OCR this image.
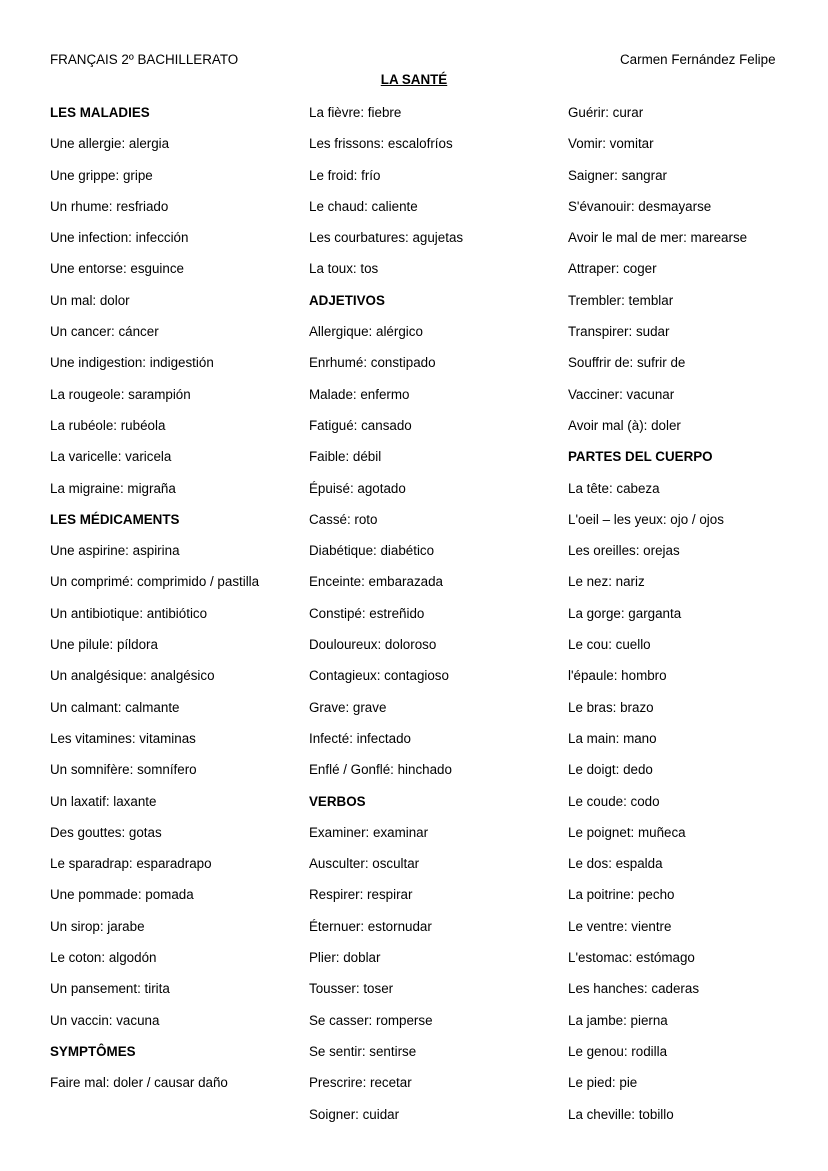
FRANÇAIS 2º BACHILLERATO	Carmen Fernández Felipe
LA SANTÉ
LES MALADIES
Une allergie: alergia
Une grippe: gripe
Un rhume: resfriado
Une infection: infección
Une entorse: esguince
Un mal: dolor
Un cancer: cáncer
Une indigestion: indigestión
La rougeole: sarampión
La rubéole: rubéola
La varicelle: varicela
La migraine: migraña
LES MÉDICAMENTS
Une aspirine: aspirina
Un comprimé: comprimido / pastilla
Un antibiotique: antibiótico
Une pilule: píldora
Un analgésique: analgésico
Un calmant: calmante
Les vitamines: vitaminas
Un somnifère: somnífero
Un laxatif: laxante
Des gouttes: gotas
Le sparadrap: esparadrapo
Une pommade: pomada
Un sirop: jarabe
Le coton: algodón
Un pansement: tirita
Un vaccin: vacuna
SYMPTÔMES
Faire mal: doler / causar daño
La fièvre: fiebre
Les frissons: escalofríos
Le froid: frío
Le chaud: caliente
Les courbatures: agujetas
La toux: tos
ADJETIVOS
Allergique: alérgico
Enrhumé: constipado
Malade: enfermo
Fatigué: cansado
Faible: débil
Épuisé: agotado
Cassé: roto
Diabétique: diabético
Enceinte: embarazada
Constipé: estreñido
Douloureux: doloroso
Contagieux: contagioso
Grave: grave
Infecté: infectado
Enflé / Gonflé: hinchado
VERBOS
Examiner: examinar
Ausculter: oscultar
Respirer: respirar
Éternuer: estornudar
Plier: doblar
Tousser: toser
Se casser: romperse
Se sentir: sentirse
Prescrire: recetar
Soigner: cuidar
Guérir: curar
Vomir: vomitar
Saigner: sangrar
S'évanouir: desmayarse
Avoir le mal de mer: marearse
Attraper: coger
Trembler: temblar
Transpirer: sudar
Souffrir de: sufrir de
Vacciner: vacunar
Avoir mal (à): doler
PARTES DEL CUERPO
La tête: cabeza
L'oeil – les yeux: ojo / ojos
Les oreilles: orejas
Le nez: nariz
La gorge: garganta
Le cou: cuello
l'épaule: hombro
Le bras: brazo
La main: mano
Le doigt: dedo
Le coude: codo
Le poignet: muñeca
Le dos: espalda
La poitrine: pecho
Le ventre: vientre
L'estomac: estómago
Les hanches: caderas
La jambe: pierna
Le genou: rodilla
Le pied: pie
La cheville: tobillo
